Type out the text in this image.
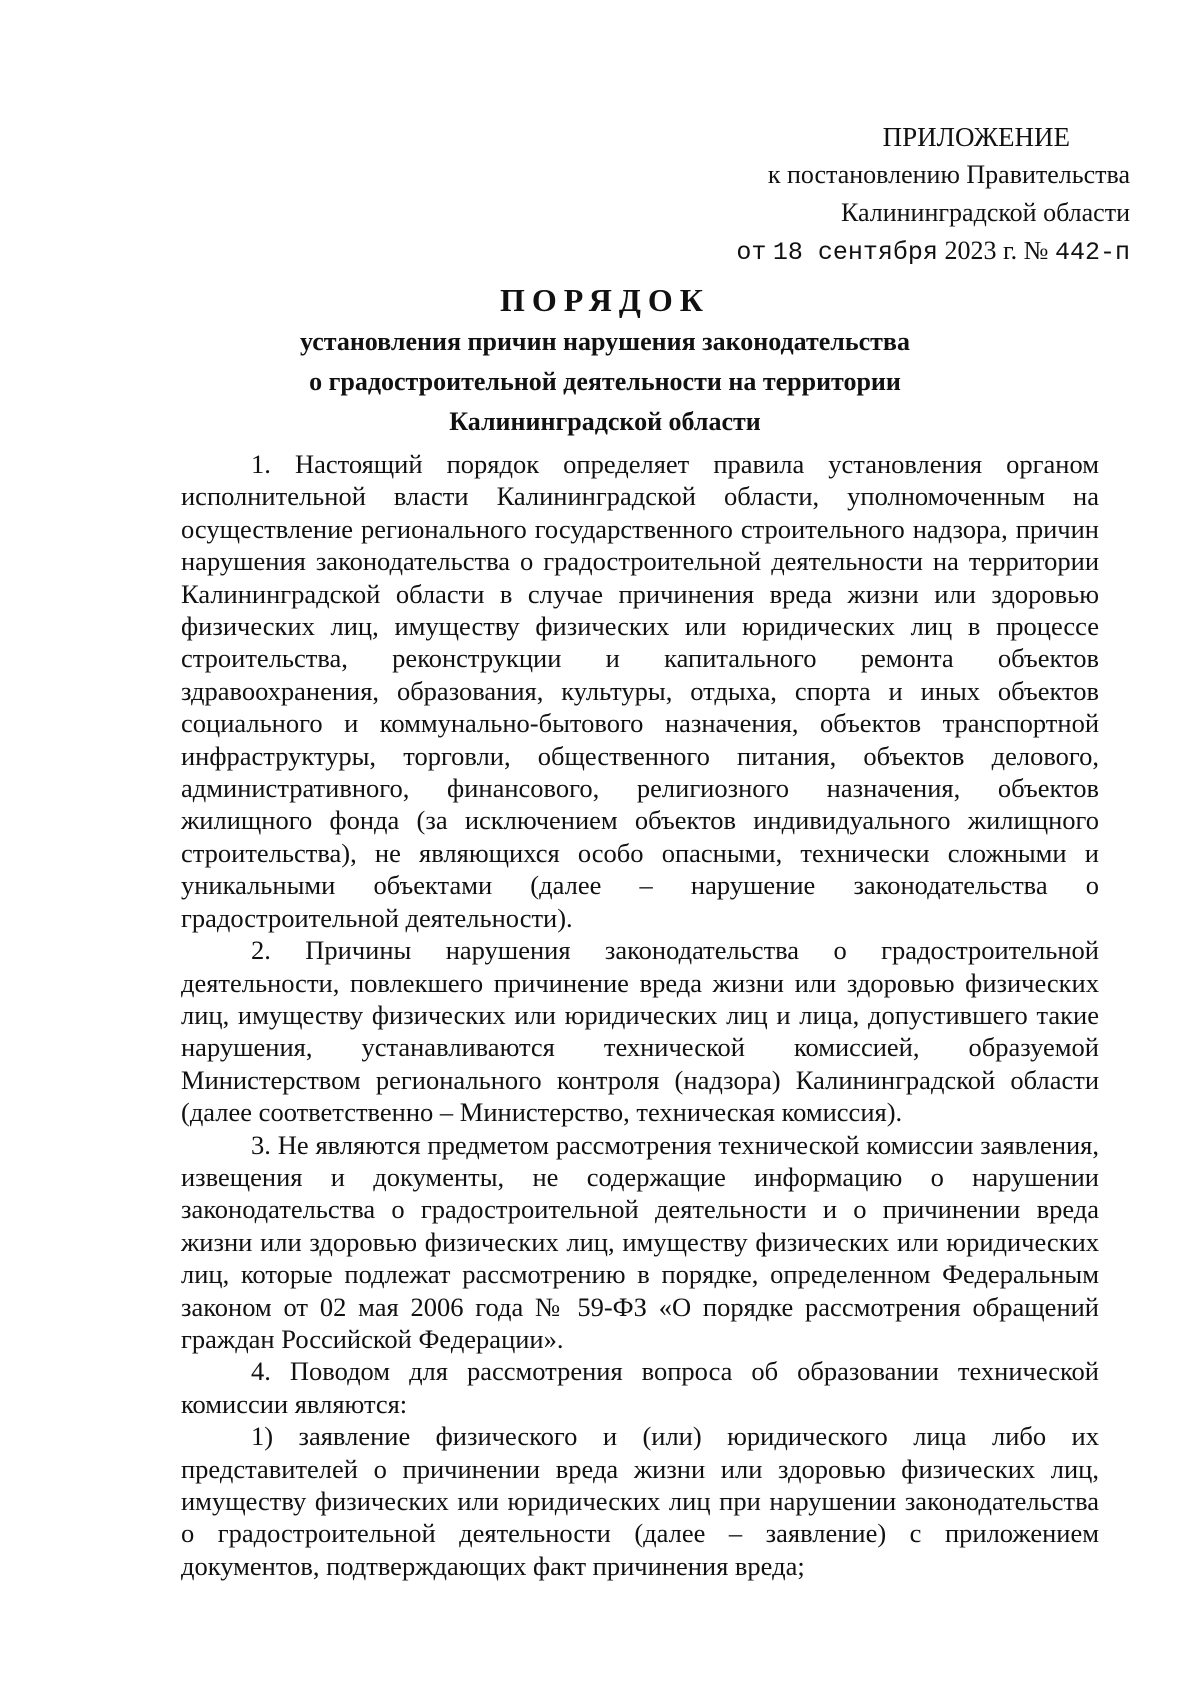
ПРИЛОЖЕНИЕ
к постановлению Правительства
Калининградской области
от 18 сентября 2023 г. № 442-п
ПОРЯДОК
установления причин нарушения законодательства
о градостроительной деятельности на территории
Калининградской области

1. Настоящий порядок определяет правила установления органом исполнительной власти Калининградской области, уполномоченным на осуществление регионального государственного строительного надзора, причин нарушения законодательства о градостроительной деятельности на территории Калининградской области в случае причинения вреда жизни или здоровью физических лиц, имуществу физических или юридических лиц в процессе строительства, реконструкции и капитального ремонта объектов здравоохранения, образования, культуры, отдыха, спорта и иных объектов социального и коммунально-бытового назначения, объектов транспортной инфраструктуры, торговли, общественного питания, объектов делового, административного, финансового, религиозного назначения, объектов жилищного фонда (за исключением объектов индивидуального жилищного строительства), не являющихся особо опасными, технически сложными и уникальными объектами (далее – нарушение законодательства о градостроительной деятельности).

2. Причины нарушения законодательства о градостроительной деятельности, повлекшего причинение вреда жизни или здоровью физических лиц, имуществу физических или юридических лиц и лица, допустившего такие нарушения, устанавливаются технической комиссией, образуемой Министерством регионального контроля (надзора) Калининградской области (далее соответственно – Министерство, техническая комиссия).

3. Не являются предметом рассмотрения технической комиссии заявления, извещения и документы, не содержащие информацию о нарушении законодательства о градостроительной деятельности и о причинении вреда жизни или здоровью физических лиц, имуществу физических или юридических лиц, которые подлежат рассмотрению в порядке, определенном Федеральным законом от 02 мая 2006 года № 59-ФЗ «О порядке рассмотрения обращений граждан Российской Федерации».

4. Поводом для рассмотрения вопроса об образовании технической комиссии являются:

1) заявление физического и (или) юридического лица либо их представителей о причинении вреда жизни или здоровью физических лиц, имуществу физических или юридических лиц при нарушении законодательства о градостроительной деятельности (далее – заявление) с приложением документов, подтверждающих факт причинения вреда;
